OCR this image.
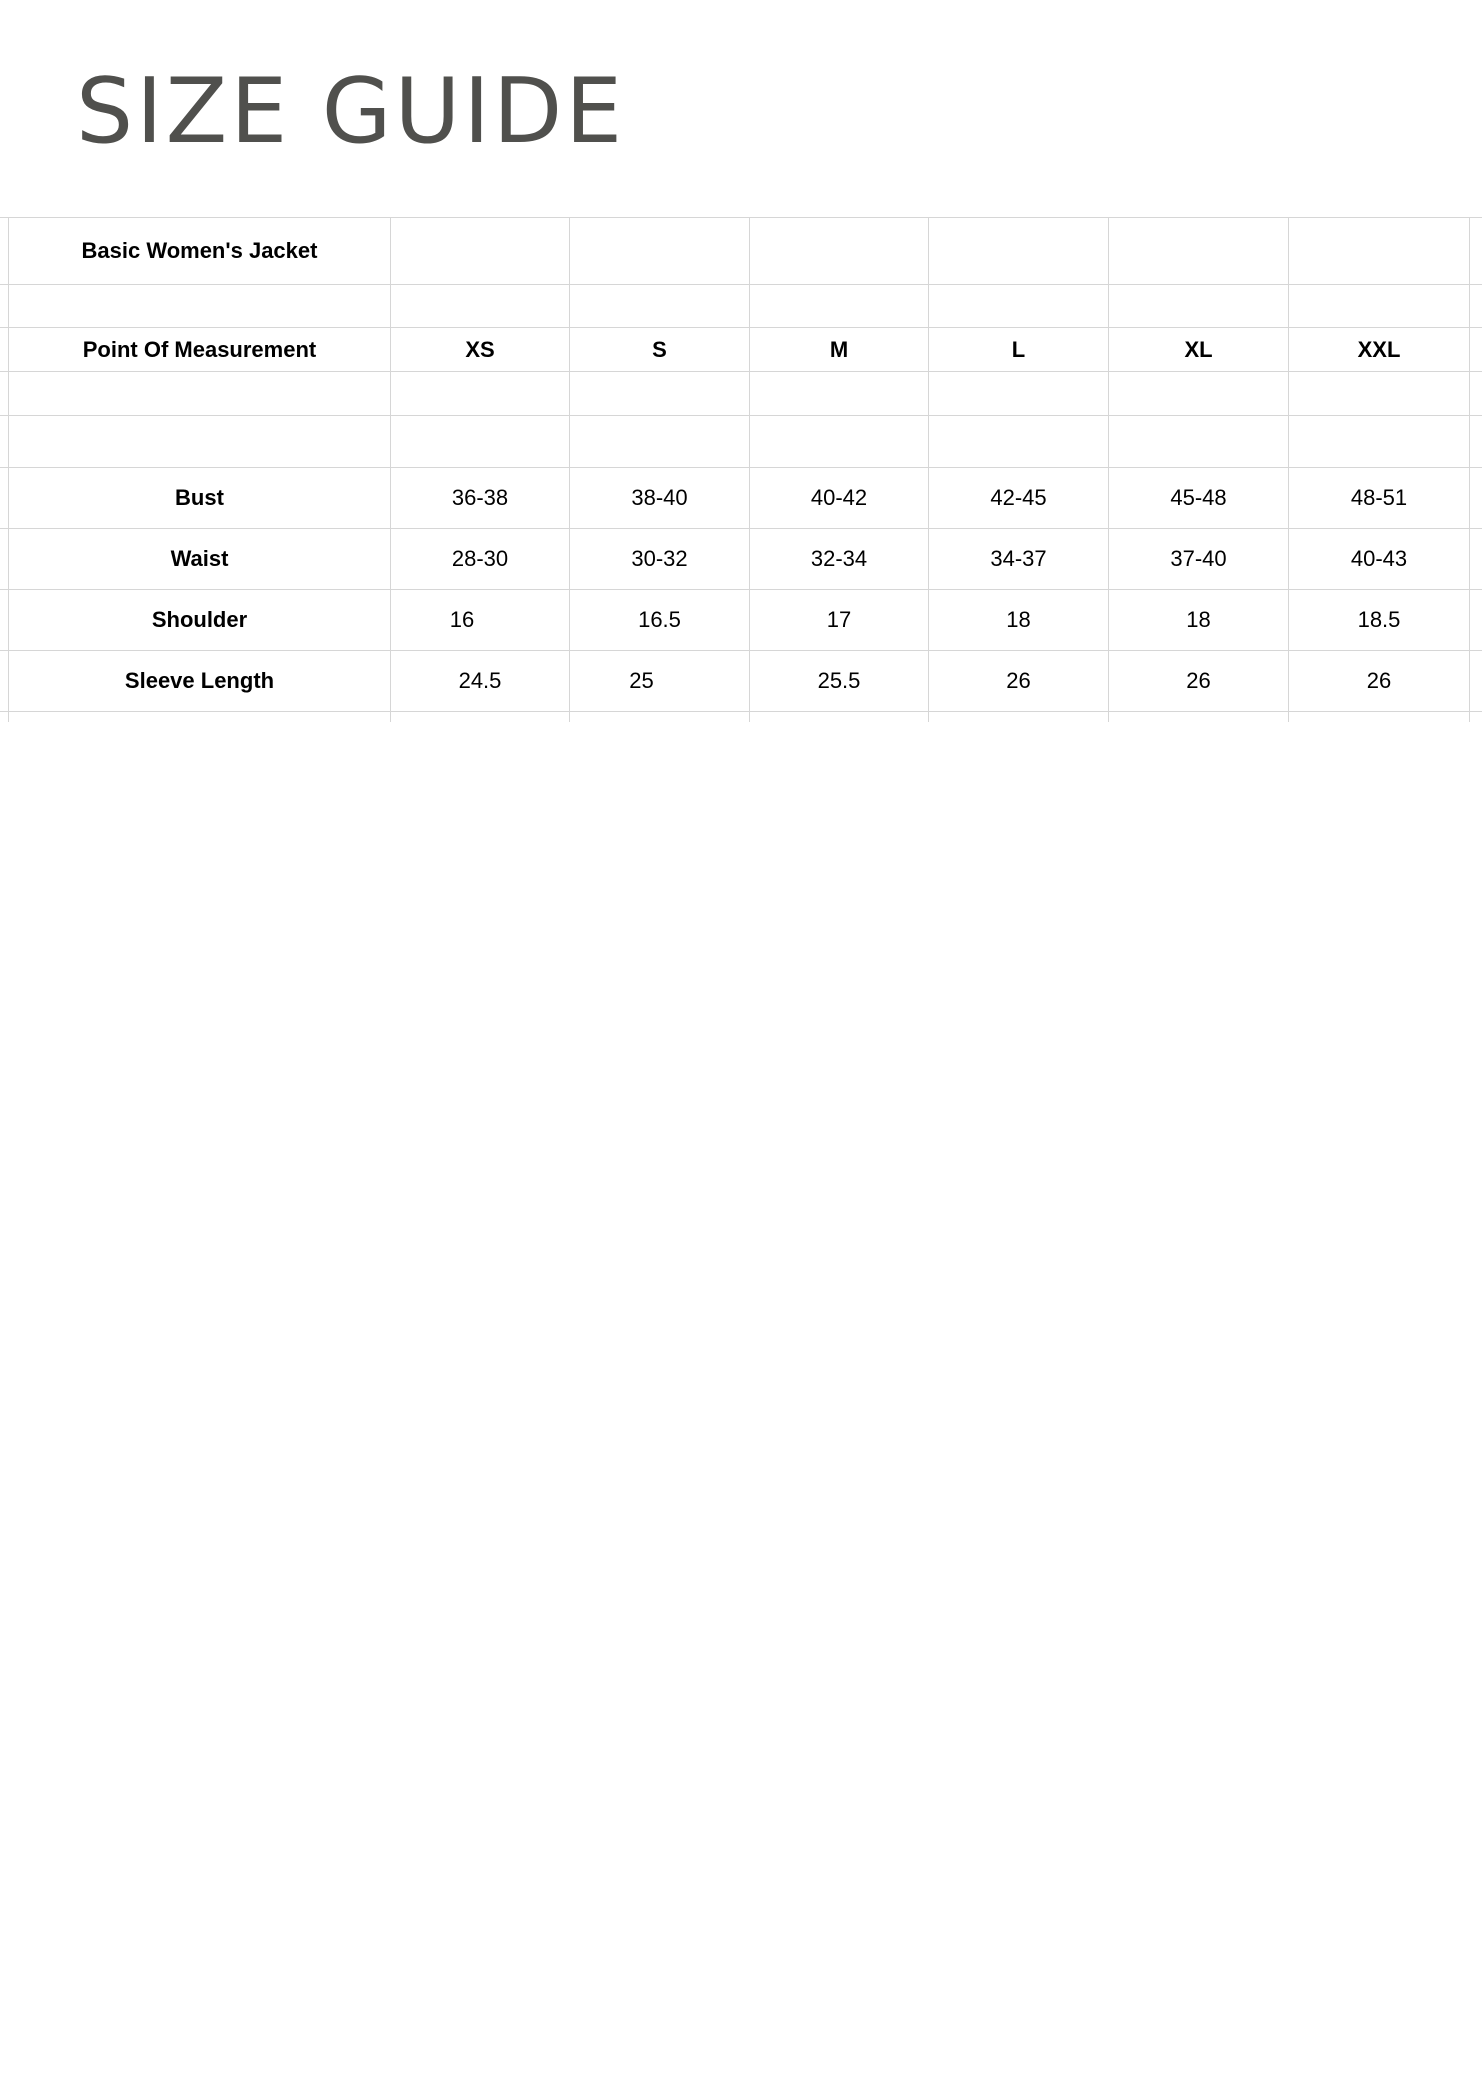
SIZE GUIDE
	Basic Women's Jacket							

	Point Of Measurement	XS	S	M	L	XL	XXL	

	Bust	36-38	38-40	40-42	42-45	45-48	48-51	
	Waist	28-30	30-32	32-34	34-37	37-40	40-43	
	Shoulder	16	16.5	17	18	18	18.5	
	Sleeve Length	24.5	25	25.5	26	26	26	
